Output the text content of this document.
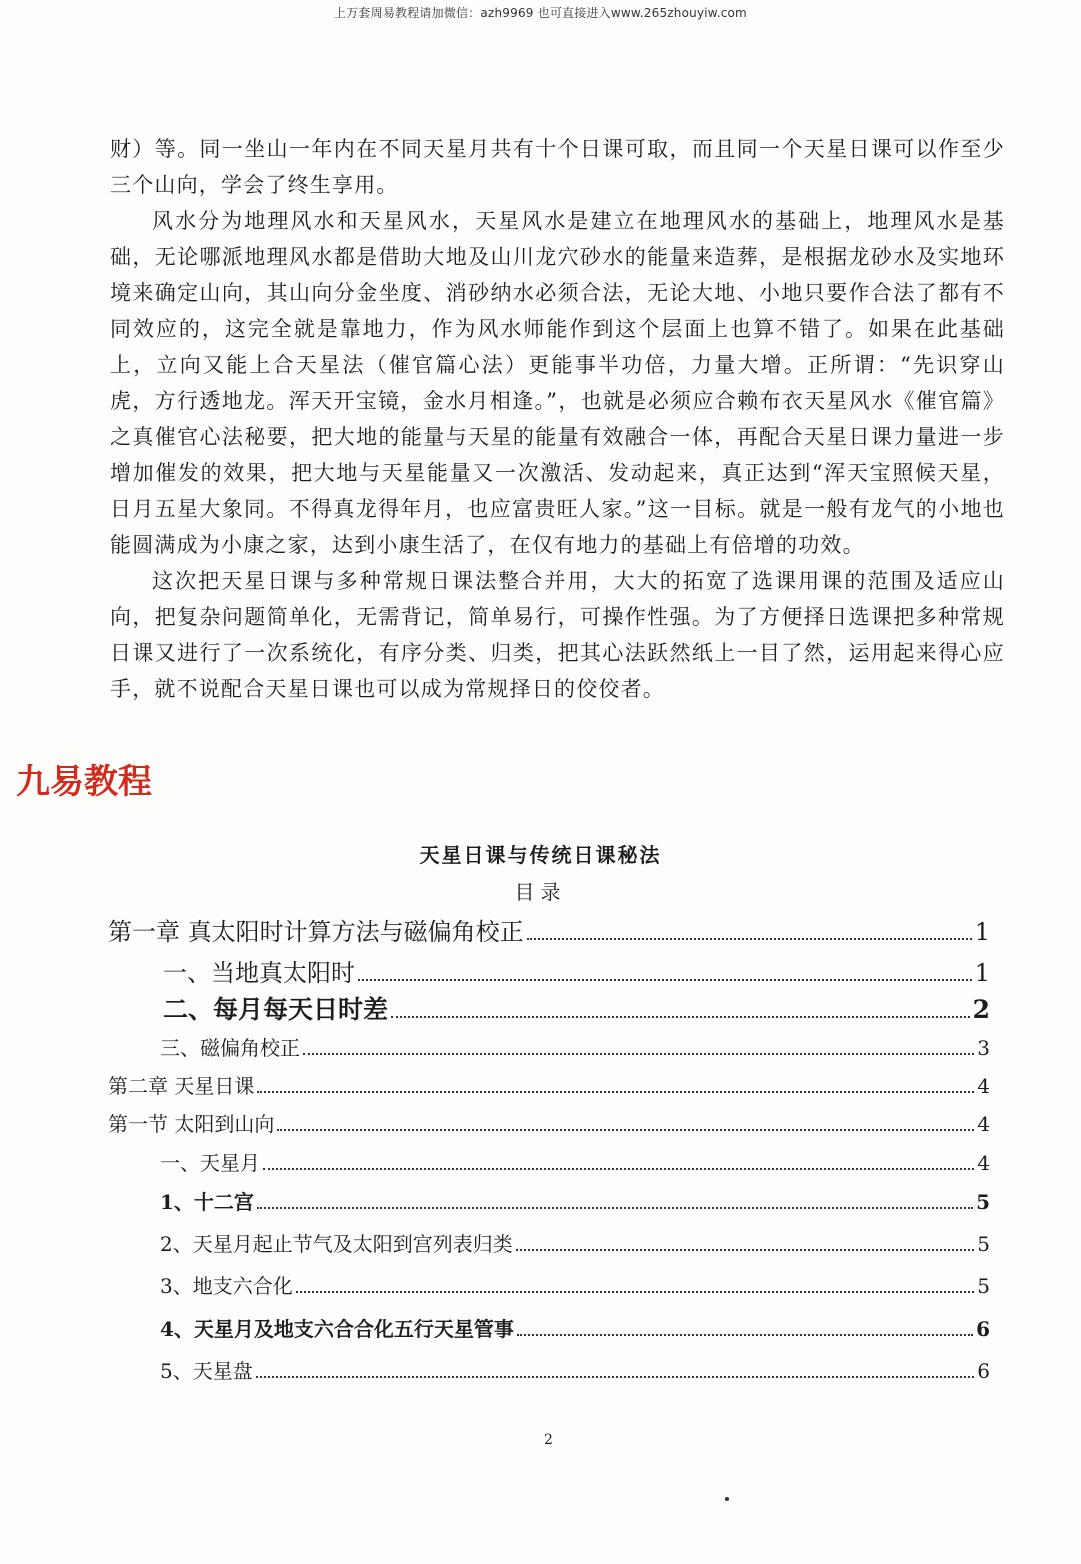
上万套周易教程请加微信：azh9969 也可直接进入www.265zhouyiw.com

财）等。同一坐山一年内在不同天星月共有十个日课可取，而且同一个天星日课可以作至少三个山向，学会了终生享用。

风水分为地理风水和天星风水，天星风水是建立在地理风水的基础上，地理风水是基础，无论哪派地理风水都是借助大地及山川龙穴砂水的能量来造葬，是根据龙砂水及实地环境来确定山向，其山向分金坐度、消砂纳水必须合法，无论大地、小地只要作合法了都有不同效应的，这完全就是靠地力，作为风水师能作到这个层面上也算不错了。如果在此基础上，立向又能上合天星法（催官篇心法）更能事半功倍，力量大增。正所谓：“先识穿山虎，方行透地龙。浑天开宝镜，金水月相逢。”，也就是必须应合赖布衣天星风水《催官篇》之真催官心法秘要，把大地的能量与天星的能量有效融合一体，再配合天星日课力量进一步增加催发的效果，把大地与天星能量又一次激活、发动起来，真正达到“浑天宝照候天星，日月五星大象同。不得真龙得年月，也应富贵旺人家。”这一目标。就是一般有龙气的小地也能圆满成为小康之家，达到小康生活了，在仅有地力的基础上有倍增的功效。

这次把天星日课与多种常规日课法整合并用，大大的拓宽了选课用课的范围及适应山向，把复杂问题简单化，无需背记，简单易行，可操作性强。为了方便择日选课把多种常规日课又进行了一次系统化，有序分类、归类，把其心法跃然纸上一目了然，运用起来得心应手，就不说配合天星日课也可以成为常规择日的佼佼者。

九易教程
天星日课与传统日课秘法
目录
第一章 真太阳时计算方法与磁偏角校正	1
一、当地真太阳时	1
二、每月每天日时差	2
三、磁偏角校正	3
第二章 天星日课	4
第一节 太阳到山向	4
一、天星月	4
1、十二宫	5
2、天星月起止节气及太阳到宫列表归类	5
3、地支六合化	5
4、天星月及地支六合合化五行天星管事	6
5、天星盘	6
2
